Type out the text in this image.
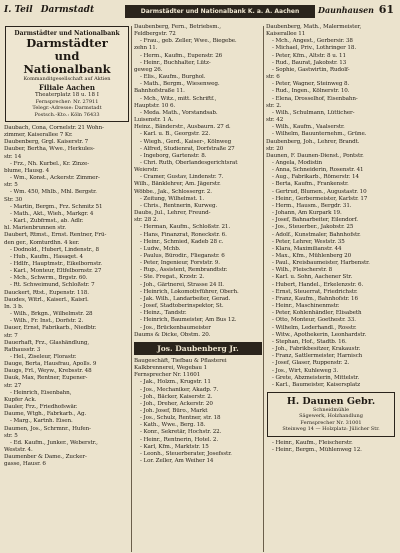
I. Teil Darmstadt	Darmstädter und Nationalbank K. a. A. Aachen	Daunhausen 61
Darmstädter und Nationalbank
Darmstädter
und
Nationalbank
Kommanditgesellschaft auf Aktien
Filiale Aachen
Theaterplatz 18 u. 18 I
Fernsprecher: Nr. 27911
Telegr.-Adresse: Darmstadt
Postsch.-Kto.: Köln 76433
Daubach, Cona, Cornelstr. 21 Wohn-
zimmer, Kaiserallee 7 Kr.
Daubenberg, Grgl. Kaiserstr. 7
Dauber, Bertha, Wwe., Herkules-
str. 14
- Frz., Nh. Kurbel., Kr. Zinze-
blume, Hausg. 4
- Wm., Konst., Ackerstr. Zimmer-
str. 5
- Wm. 450, Mhlb., Mhl. Bergstr.
Str. 30
- Martin, Bergm., Frz. Schmitz 51
- Math., Akt., Wieh., Markgr. 4
- Karl., Zubfrmst., ab. Adlr.
hl. Marienbrunnen str.
Daubert, Rtmst., Ernst. Rentner, Frü-
den ger., Komturdhn. 4 ker.
- Dodnold., Hubert, Lindenstr., 8
- Hub., Kaufm., Hasaqet. 4
- Hdlfr., Hauptmstr., Eikelbornstr.
- Karl., Monteur, Eltfelbornstr. 27
- Mch., Schwrm., Brgstr. 60.
- Rt. Schweimund, Schloßstr. 7
Dauckert, Rtst., Eupenstr. 118.
Daudes, Witrl., Kaiserl., Kaisrl.
In. 3 b.
- Wilh., Brkgn., Wilhelmstr. 28
- Wilh., Fr. Inst., Dorfstr. 2.
Dauer, Ernst, Fabrikarb., Niedbtr.
str. 7
Dauerhaft, Frz., Glashändlung,
Rathausstr. 3
- Hel., Ziseleur, Florastr.
Dauge, Berta, Hausfrau, Apolls. 9
Daugs, Frl., Weyw., Krebsstr. 48
Dauk, Max, Rentner, Eupener-
str. 27
- Heinrich, Eisenbahn,
Kupfer Ack.
Dauler, Frz., Friedhofswär.
Daume, Wtgh., Fabrkarb., Ag.
- Marg., Kartnh. Eisen.
Daumen, Jos., Schrmnr., Hufen-
str. 5
- Ed. Kaufm., Junker., Weberstr.,
Weststr. 4.
Daumenber & Dame., Zucker-
gasse, Hausr. 6
Daubenberg, Fern., Betriebsm.,
Feldbergstr. 72
- Frau., geb. Zeller, Wwe., Biegebe.
zehn 11.
- Herm., Kaufm., Eupenstr. 26
- Heinr., Buchhalter, Lütz-
geweg 26.
- Elis., Kaufm., Burghol.
- Math., Bergm., Wiesenweg.
Bahnhofstraße 11.
- Mch., Witz., mitt. Schriftf.,
Hauptstr. 10 6.
- Meda. Math., Vorstandsab.
Luisenstr. 1 A.
Heinz., Bänderstr., Ausbaurn. 27 d.
- Karl. u. B., Georgstr. 22.
- Wiegh., Gerd., Kaiser-, Kölnweg
- Alfred, Studienrat, Dorfstraße 27
- Ingeborg, Gartenstr. 8.
- Chri. Ruth, Oberlandesgerichtsrat
Weierstr.
- Cramer, Gustav, Lindenstr. 7.
Wilh., Bänklehrer, Am. Jägerstr.
Wöbbe., Jak., Schlossergr. 2.
- Zeitung, Wilhelmst. 1.
- Chris., Rentnerin, Kurweg.
Daubs, Jul., Lehrer, Freund-
str. 28 2.
- Herman, Kaufm., Schloßstr. 21.
- Hans, Finanzrat, Roneckstr. 6.
- Heinr., Schmied, Kadeb 28 c.
- Ludw., Mchb.
- Paulus, Bürodir., Flieganstr. 6
- Peter, Ingenieur, Forststr. 9.
- Rup., Assistent, Rembrandtstr.
- Ste. Fregat., Krzstr. 2.
- Joh., Gärtnerei, Strasse 24 II.
- Heinrich, Lokomotivführer, Oberh.
- Jak. Wilh., Landarbeiter, Gerad.
- Josef, Stadtoberinspektor, St.
- Heinz., Tandstr.
- Heinrich, Baumeister, Am Bus 12.
- Jos., Brückenbaumeister
Daums & Dicke, Obstm. 20.
Jos. Daubenberg Jr.
Baugeschäft, Tiefbau & Pflasterei
Kalkbrennerei, Wegebau 1
Fernsprecher Nr. 11601
- Jak., Holzm., Krugstr. 11
- Jos., Mechaniker, Akadp. 7.
- Joh., Bäcker, Kaiserstr. 2.
- Joh., Dreher, Ackerstr. 20
- Joh. Josef, Büro., Markt
- Jos., Schulz, Rentner, str. 18
- Kath., Wwe., Berg. 18.
- Konr., Sekretär, Hochstr. 22.
- Heinr., Rentnerin, Hotel. 2.
- Karl, Kfm., Marktstr. 15
- Leonh., Steuerberater, Josefsstr.
- Lor. Zeller, Am Weiher 14
Daubenberg, Math., Malermeister,
Kaiserallee 11
- Mch., Angest., Gerbersir. 38
- Michael, Priv., Lothringer 18.
- Peter, Kfm., Altstr. 8 u. 11
- Rud., Baurat, Jakobstr. 13
- Sophie, Gastwirtin, Rudolf-
str. 6
- Peter, Wagner, Steinweg 8.
- Rud., Ingen., Kölnerstr. 10.
- Elena, Drosselhof, Eisenbahn-
str. 2.
- Wilh., Schulmann, Lütticher-
str. 42
- Wilh., Kaufm., Vaalserstr.
- Wilhelm, Bauunternehm., Grüne.
Daubenberg, Joh., Lehrer, Brandt.
str. 20
Daunen, F. Daunen-Dienst., Pontstr.
- Angela, Modistin
- Anna, Schneiderin, Rosenstr. 41
- Aug., Fabrikarb., Römerstr. 14
- Berta, Kaufm., Frankenstr.
- Gertrud, Blumen., Augustastr. 10
- Heinr., Gerbermeister, Karlstr. 17
- Herm., Hausm., Bergdr. 31.
- Johann, Am Kurpark 19.
- Josef, Bahnarbeiter, Eilendorf.
- Jos., Steuerber., Jakobstr. 25
- Adolf., Kunstmaler, Bahnhofstr.
- Peter, Lehrer, Weststr. 35
- Klara, Maximilianstr. 44
- Max., Kfm., Mühlenberg 20
- Paul., Kreisbaumeister, Harbenstr.
- Wilh., Fleischerstr. 8
- Karl. u. Sohn, Aachener Str.
- Hubert, Handel., Erkelenzstr. 6.
- Ernst, Steuerrat, Friedrichstr.
- Franz, Kaufm., Bahnhofstr. 16
- Heinr., Maschinenmstr.
- Peter, Kohlenhändler, Elisabeth
- Otto, Monteur, Goethestr. 33.
- Wilhelm, Lederhandl., Rosstr.
- Witw., Apothekerin, Leonhardstr.
- Stephan, Hof., Stadtb. 16.
- Joh., Fabrikbesitzer, Krakaustr.
- Franz, Sattlermeister, Harnisch
- Josef, Glaser, Ruppenstr. 2.
- Jos., Wirt, Kuhleweg 3.
- Grete, Abzmeisterin, Mittelstr.
- Karl., Baumeister, Kaisersplatz
H. Daunen Gebr.
Schneidmühle
Sägewerk, Holzhandlung
Fernsprecher Nr. 31001
Steinweg 14 — Holzplatz: Jülicher Str.
- Heinr., Kaufm., Fleischerstr.
- Heinr., Bergm., Mühlenweg 12.
